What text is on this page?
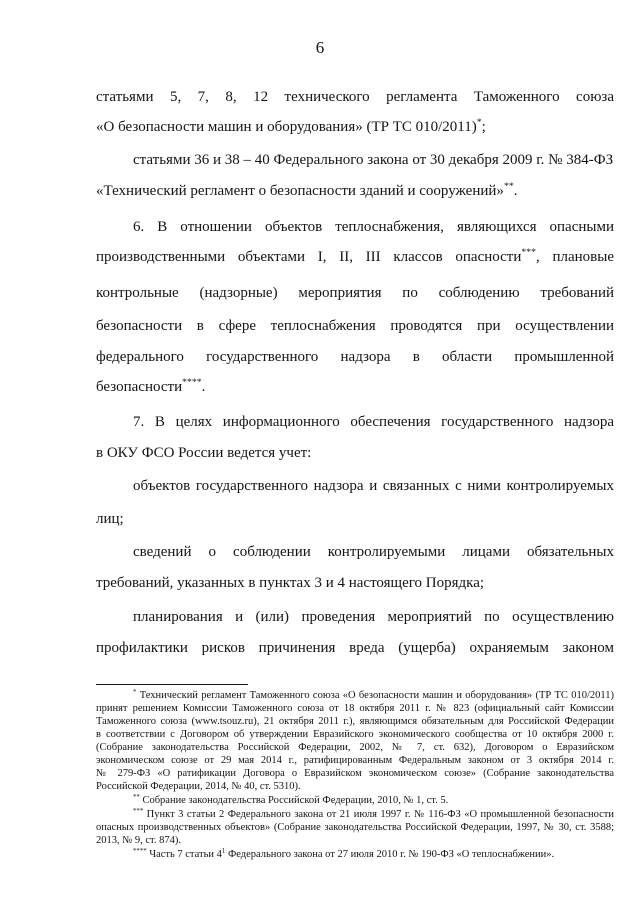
6
статьями 5, 7, 8, 12 технического регламента Таможенного союза
«О безопасности машин и оборудования» (ТР ТС 010/2011)*;
статьями 36 и 38 – 40 Федерального закона от 30 декабря 2009 г. № 384-ФЗ
«Технический регламент о безопасности зданий и сооружений»**.
6. В отношении объектов теплоснабжения, являющихся опасными
производственными объектами I, II, III классов опасности***, плановые
контрольные (надзорные) мероприятия по соблюдению требований
безопасности в сфере теплоснабжения проводятся при осуществлении
федерального государственного надзора в области промышленной
безопасности****.
7. В целях информационного обеспечения государственного надзора
в ОКУ ФСО России ведется учет:
объектов государственного надзора и связанных с ними контролируемых
лиц;
сведений о соблюдении контролируемыми лицами обязательных
требований, указанных в пунктах 3 и 4 настоящего Порядка;
планирования и (или) проведения мероприятий по осуществлению
профилактики рисков причинения вреда (ущерба) охраняемым законом
* Технический регламент Таможенного союза «О безопасности машин и оборудования» (ТР ТС 010/2011)
принят решением Комиссии Таможенного союза от 18 октября 2011 г. № 823 (официальный сайт Комиссии
Таможенного союза (www.tsouz.ru), 21 октября 2011 г.), являющимся обязательным для Российской Федерации
в соответствии с Договором об утверждении Евразийского экономического сообщества от 10 октября 2000 г.
(Собрание законодательства Российской Федерации, 2002, № 7, ст. 632), Договором о Евразийском
экономическом союзе от 29 мая 2014 г., ратифицированным Федеральным законом от 3 октября 2014 г.
№ 279-ФЗ «О ратификации Договора о Евразийском экономическом союзе» (Собрание законодательства
Российской Федерации, 2014, № 40, ст. 5310).
** Собрание законодательства Российской Федерации, 2010, № 1, ст. 5.
*** Пункт 3 статьи 2 Федерального закона от 21 июля 1997 г. № 116-ФЗ «О промышленной безопасности
опасных производственных объектов» (Собрание законодательства Российской Федерации, 1997, № 30, ст. 3588;
2013, № 9, ст. 874).
**** Часть 7 статьи $4^1$ Федерального закона от 27 июля 2010 г. № 190-ФЗ «О теплоснабжении».
